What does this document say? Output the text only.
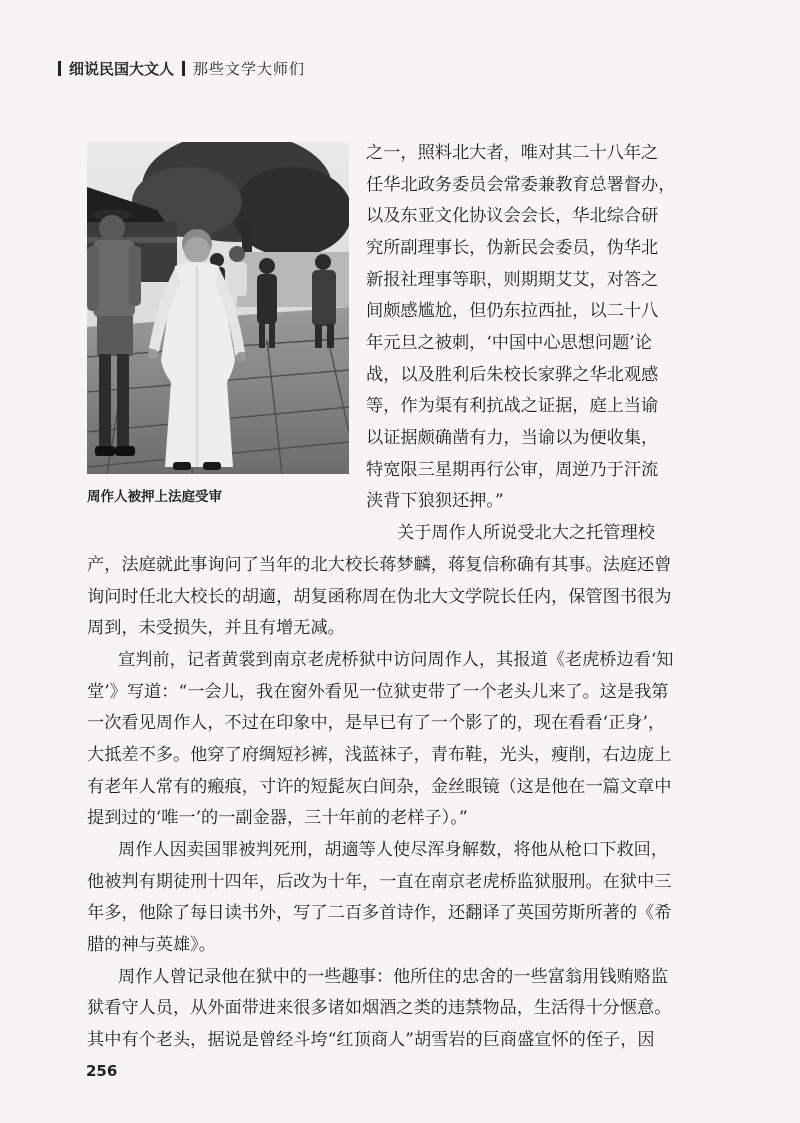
细说民国大文人 那些文学大师们
周作人被押上法庭受审
之一，照料北大者，唯对其二十八年之
任华北政务委员会常委兼教育总署督办，
以及东亚文化协议会会长，华北综合研
究所副理事长，伪新民会委员，伪华北
新报社理事等职，则期期艾艾，对答之
间颇感尴尬，但仍东拉西扯，以二十八
年元旦之被刺，‘中国中心思想问题’论
战，以及胜利后朱校长家骅之华北观感
等，作为渠有利抗战之证据，庭上当谕
以证据颇确凿有力，当谕以为便收集，
特宽限三星期再行公审，周逆乃于汗流
浃背下狼狈还押。”
关于周作人所说受北大之托管理校
产，法庭就此事询问了当年的北大校长蒋梦麟，蒋复信称确有其事。法庭还曾
询问时任北大校长的胡適，胡复函称周在伪北大文学院长任内，保管图书很为
周到，未受损失，并且有增无减。
宣判前，记者黄裳到南京老虎桥狱中访问周作人，其报道《老虎桥边看‘知
堂’》写道：“一会儿，我在窗外看见一位狱吏带了一个老头儿来了。这是我第
一次看见周作人，不过在印象中，是早已有了一个影了的，现在看看‘正身’，
大抵差不多。他穿了府绸短衫裤，浅蓝袜子，青布鞋，光头，瘦削，右边庞上
有老年人常有的瘢痕，寸许的短髭灰白间杂，金丝眼镜（这是他在一篇文章中
提到过的‘唯一’的一副金器，三十年前的老样子）。”
周作人因卖国罪被判死刑，胡適等人使尽浑身解数，将他从枪口下救回，
他被判有期徒刑十四年，后改为十年，一直在南京老虎桥监狱服刑。在狱中三
年多，他除了每日读书外，写了二百多首诗作，还翻译了英国劳斯所著的《希
腊的神与英雄》。
周作人曾记录他在狱中的一些趣事：他所住的忠舍的一些富翁用钱贿赂监
狱看守人员，从外面带进来很多诸如烟酒之类的违禁物品，生活得十分惬意。
其中有个老头，据说是曾经斗垮“红顶商人”胡雪岩的巨商盛宣怀的侄子，因
256
